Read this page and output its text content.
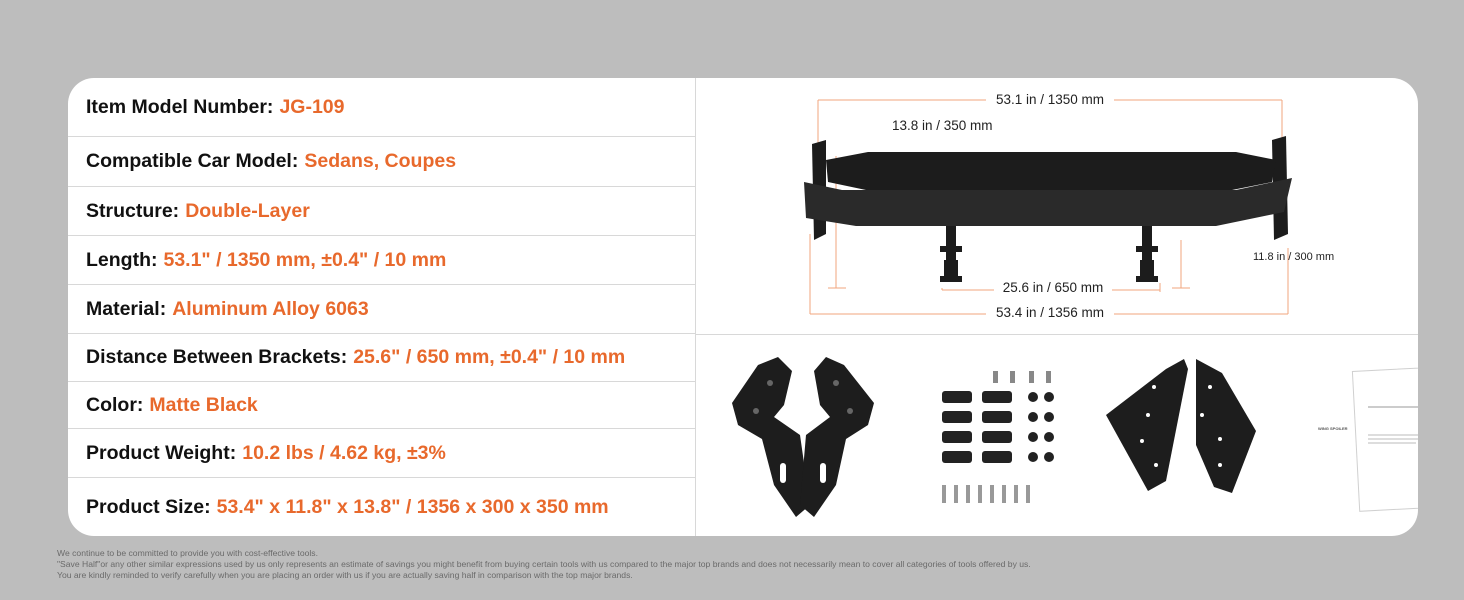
Item Model Number: JG-109
Compatible Car Model: Sedans, Coupes
Structure: Double-Layer
Length: 53.1" / 1350 mm, ±0.4" / 10 mm
Material: Aluminum Alloy 6063
Distance Between Brackets: 25.6" / 650 mm, ±0.4" / 10 mm
Color: Matte Black
Product Weight: 10.2 lbs / 4.62 kg, ±3%
Product Size: 53.4" x 11.8" x 13.8" / 1356 x 300 x 350 mm
53.1 in / 1350 mm
13.8 in / 350 mm
11.8 in / 300 mm
25.6 in / 650 mm
53.4 in / 1356 mm
WING SPOILER
We continue to be committed to provide you with cost-effective tools.
"Save Half"or any other similar expressions used by us only represents an estimate of savings you might benefit from buying certain tools with us compared to the major top brands and does not necessarily mean to cover all categories of tools offered by us.
You are kindly reminded to verify carefully when you are placing an order with us if you are actually saving half in comparison with the top major brands.
